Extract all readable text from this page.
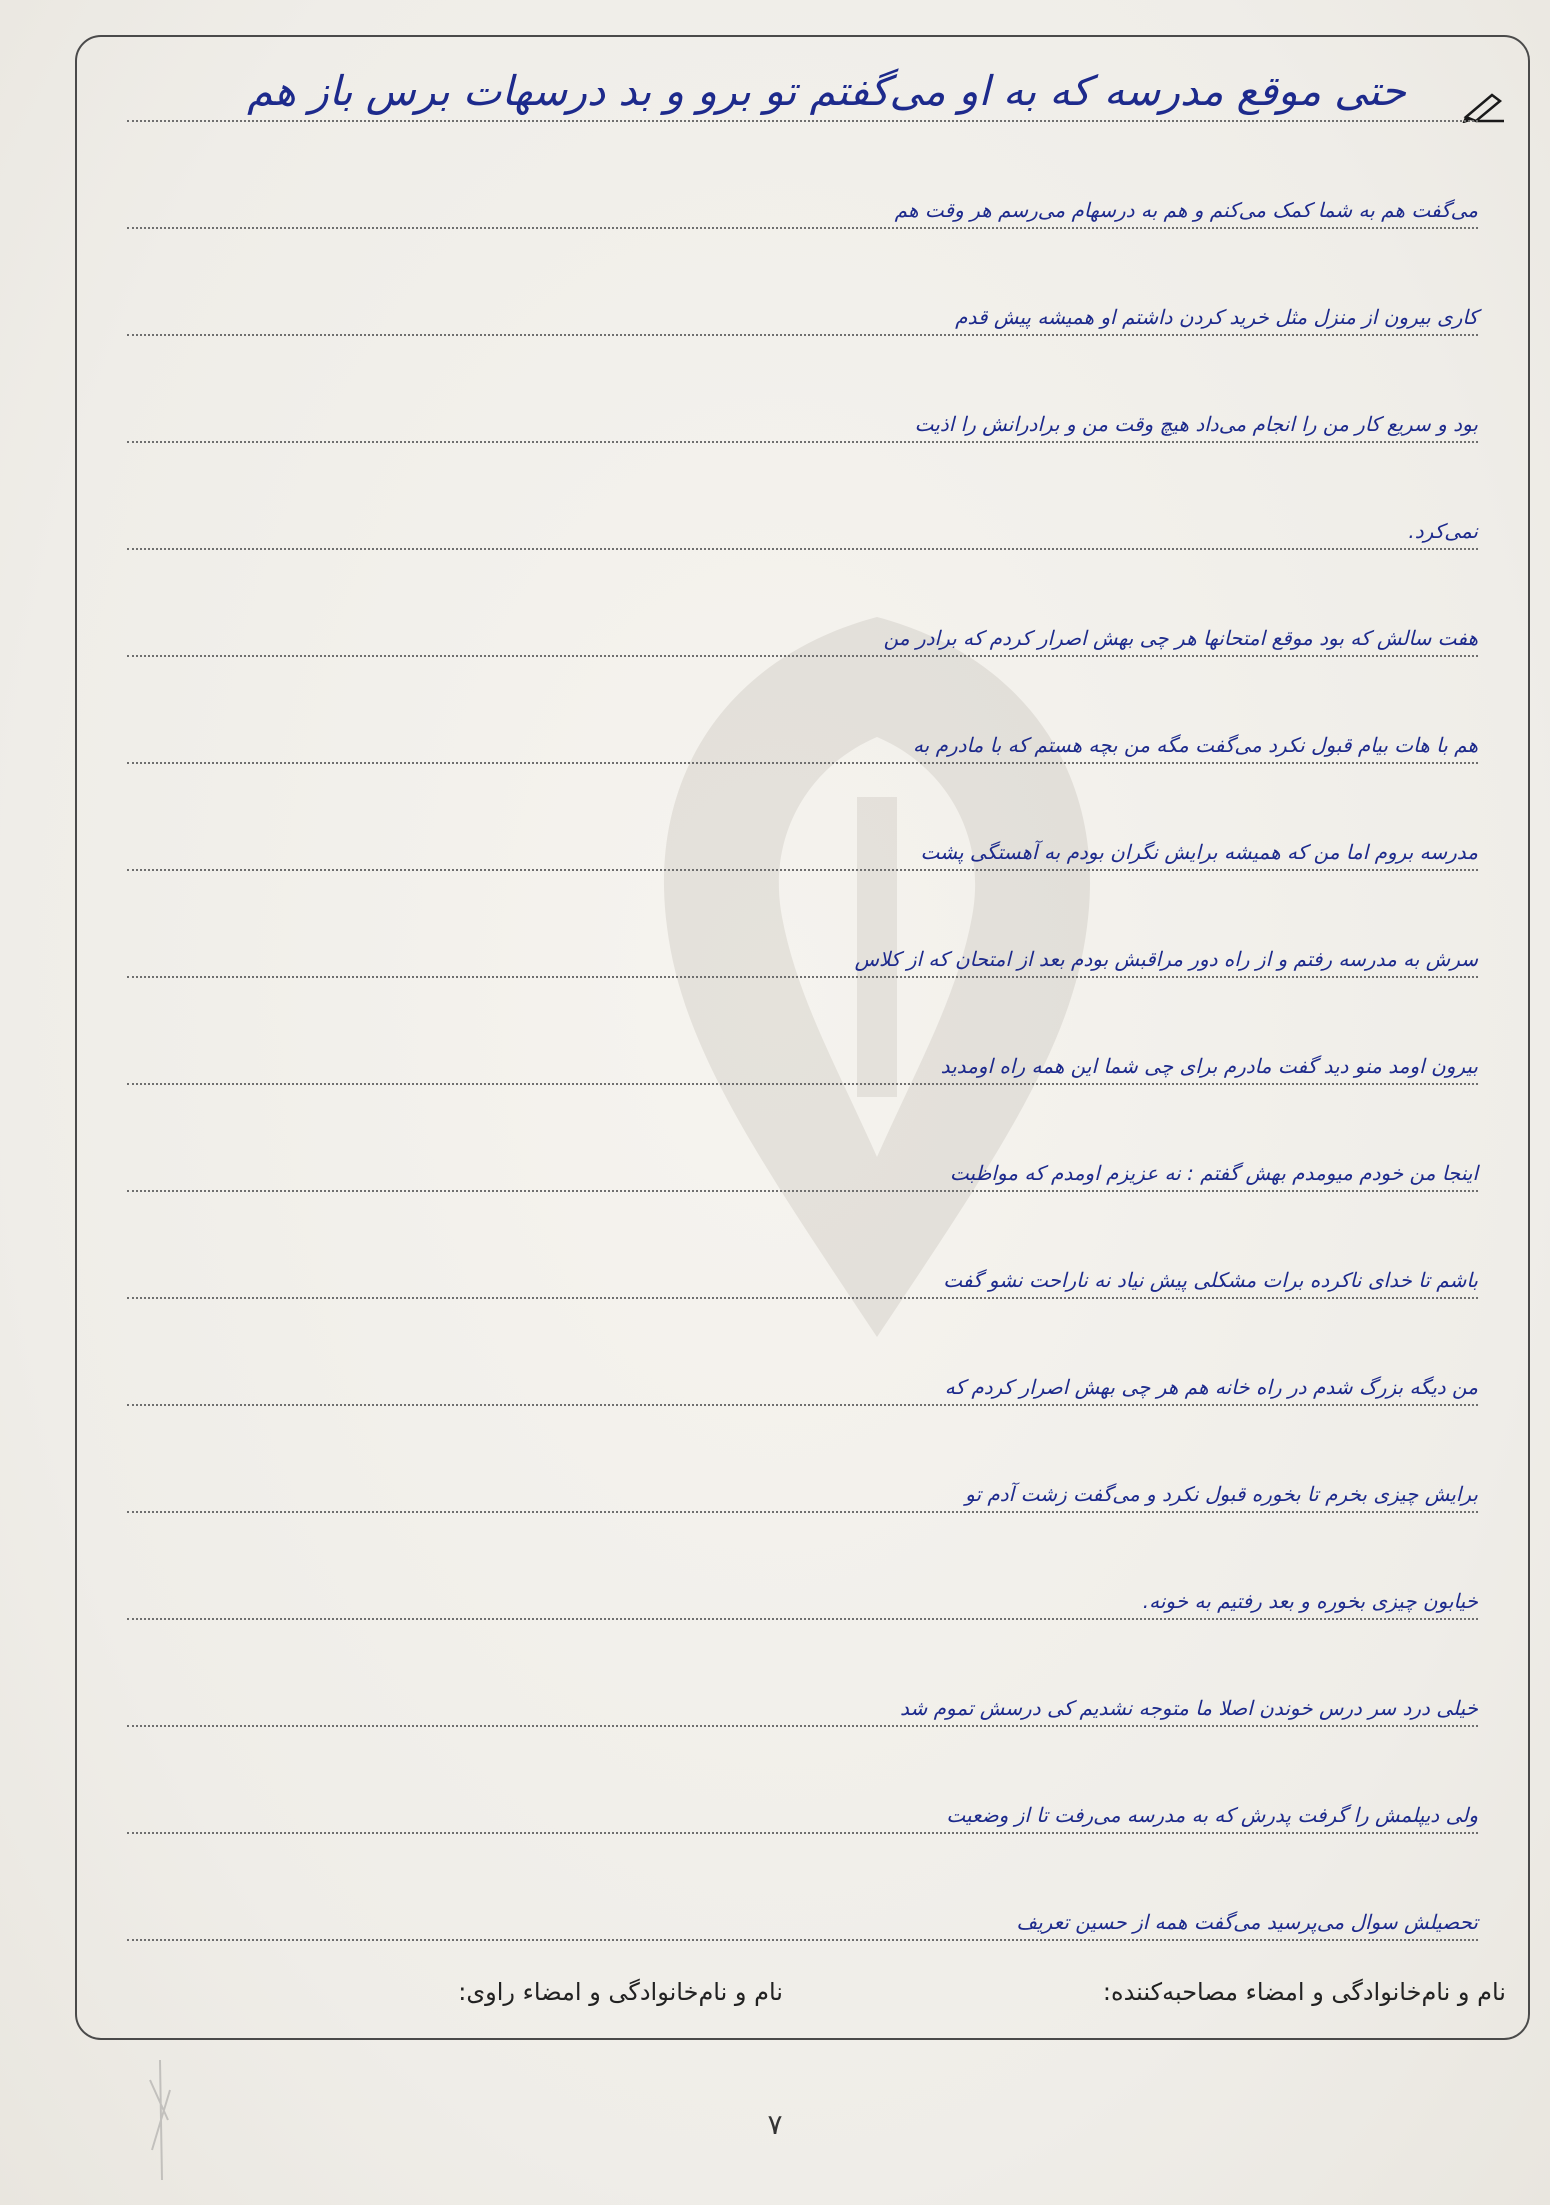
حتی موقع مدرسه که به او می‌گفتم تو برو و بد درسهات برس باز هم
می‌گفت هم به شما کمک می‌کنم و هم به درسهام می‌رسم هر وقت هم
کاری بیرون از منزل مثل خرید کردن داشتم او همیشه پیش قدم
بود و سریع کار من را انجام می‌داد هیچ وقت من و برادرانش را اذیت
نمی‌کرد.
هفت سالش که بود موقع امتحانها هر چی بهش اصرار کردم که برادر من
هم با هات بیام قبول نکرد می‌گفت مگه من بچه هستم که با مادرم به
مدرسه بروم اما من که همیشه برایش نگران بودم به آهستگی پشت
سرش به مدرسه رفتم و از راه دور مراقبش بودم بعد از امتحان که از کلاس
بیرون اومد منو دید گفت مادرم برای چی شما این همه راه اومدید
اینجا من خودم میومدم بهش گفتم : نه عزیزم اومدم که مواظبت
باشم تا خدای ناکرده برات مشکلی پیش نیاد نه ناراحت نشو گفت
من دیگه بزرگ شدم در راه خانه هم هر چی بهش اصرار کردم که
برایش چیزی بخرم تا بخوره قبول نکرد و می‌گفت زشت آدم تو
خیابون چیزی بخوره و بعد رفتیم به خونه.
خیلی درد سر درس خوندن اصلا ما متوجه نشدیم کی درسش تموم شد
ولی دیپلمش را گرفت پدرش که به مدرسه می‌رفت تا از وضعیت
تحصیلش سوال می‌پرسید می‌گفت همه از حسین تعریف
نام و نام‌خانوادگی و امضاء مصاحبه‌کننده:
نام و نام‌خانوادگی و امضاء راوی:
۷
